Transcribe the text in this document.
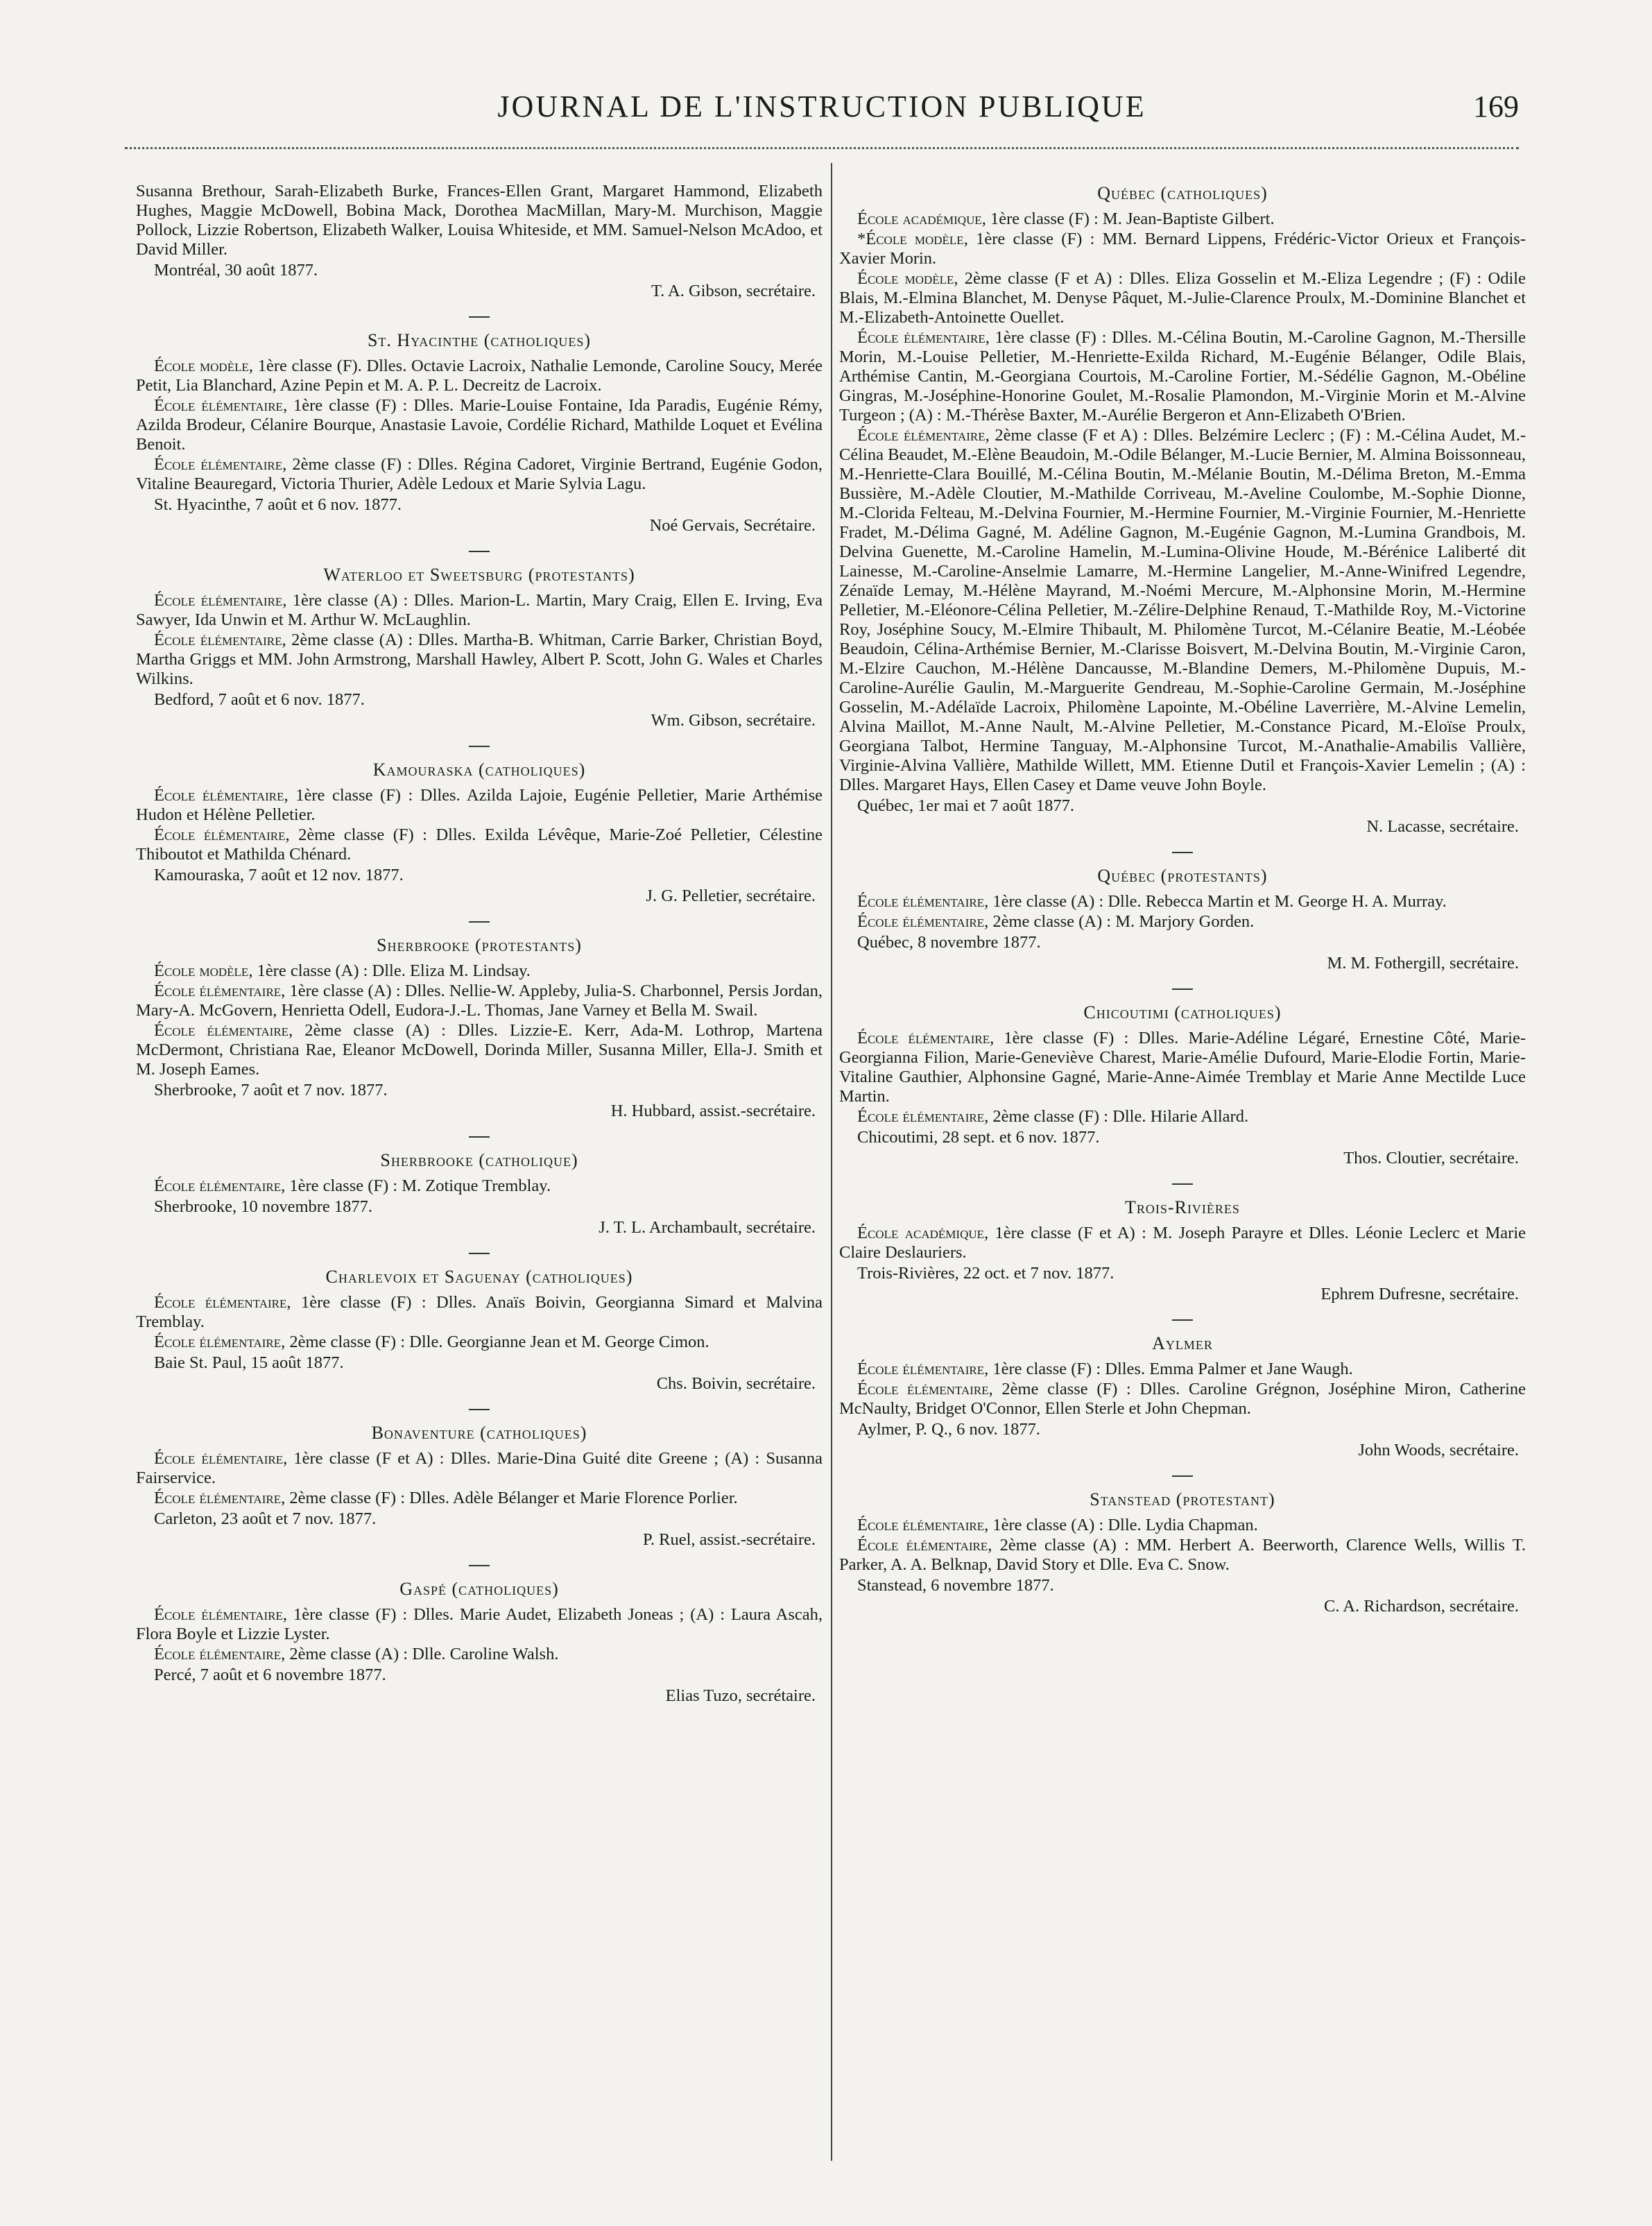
JOURNAL DE L'INSTRUCTION PUBLIQUE	169
Susanna Brethour, Sarah-Elizabeth Burke, Frances-Ellen Grant, Margaret Hammond, Elizabeth Hughes, Maggie McDowell, Bobina Mack, Dorothea MacMillan, Mary-M. Murchison, Maggie Pollock, Lizzie Robertson, Elizabeth Walker, Louisa Whiteside, et MM. Samuel-Nelson McAdoo, et David Miller.
Montréal, 30 août 1877.
T. A. Gibson, secrétaire.
St. Hyacinthe (catholiques)
École modèle, 1ère classe (F). Dlles. Octavie Lacroix, Nathalie Lemonde, Caroline Soucy, Merée Petit, Lia Blanchard, Azine Pepin et M. A. P. L. Decreitz de Lacroix.
École élémentaire, 1ère classe (F) : Dlles. Marie-Louise Fontaine, Ida Paradis, Eugénie Rémy, Azilda Brodeur, Célanire Bourque, Anastasie Lavoie, Cordélie Richard, Mathilde Loquet et Evélina Benoit.
École élémentaire, 2ème classe (F) : Dlles. Régina Cadoret, Virginie Bertrand, Eugénie Godon, Vitaline Beauregard, Victoria Thurier, Adèle Ledoux et Marie Sylvia Lagu.
St. Hyacinthe, 7 août et 6 nov. 1877.
Noé Gervais, Secrétaire.
Waterloo et Sweetsburg (protestants)
École élémentaire, 1ère classe (A) : Dlles. Marion-L. Martin, Mary Craig, Ellen E. Irving, Eva Sawyer, Ida Unwin et M. Arthur W. McLaughlin.
École élémentaire, 2ème classe (A) : Dlles. Martha-B. Whitman, Carrie Barker, Christian Boyd, Martha Griggs et MM. John Armstrong, Marshall Hawley, Albert P. Scott, John G. Wales et Charles Wilkins.
Bedford, 7 août et 6 nov. 1877.
Wm. Gibson, secrétaire.
Kamouraska (catholiques)
École élémentaire, 1ère classe (F) : Dlles. Azilda Lajoie, Eugénie Pelletier, Marie Arthémise Hudon et Hélène Pelletier.
École élémentaire, 2ème classe (F) : Dlles. Exilda Lévêque, Marie-Zoé Pelletier, Célestine Thiboutot et Mathilda Chénard.
Kamouraska, 7 août et 12 nov. 1877.
J. G. Pelletier, secrétaire.
Sherbrooke (protestants)
École modèle, 1ère classe (A) : Dlle. Eliza M. Lindsay.
École élémentaire, 1ère classe (A) : Dlles. Nellie-W. Appleby, Julia-S. Charbonnel, Persis Jordan, Mary-A. McGovern, Henrietta Odell, Eudora-J.-L. Thomas, Jane Varney et Bella M. Swail.
École élémentaire, 2ème classe (A) : Dlles. Lizzie-E. Kerr, Ada-M. Lothrop, Martena McDermont, Christiana Rae, Eleanor McDowell, Dorinda Miller, Susanna Miller, Ella-J. Smith et M. Joseph Eames.
Sherbrooke, 7 août et 7 nov. 1877.
H. Hubbard, assist.-secrétaire.
Sherbrooke (catholique)
École élémentaire, 1ère classe (F) : M. Zotique Tremblay.
Sherbrooke, 10 novembre 1877.
J. T. L. Archambault, secrétaire.
Charlevoix et Saguenay (catholiques)
École élémentaire, 1ère classe (F) : Dlles. Anaïs Boivin, Georgianna Simard et Malvina Tremblay.
École élémentaire, 2ème classe (F) : Dlle. Georgianne Jean et M. George Cimon.
Baie St. Paul, 15 août 1877.
Chs. Boivin, secrétaire.
Bonaventure (catholiques)
École élémentaire, 1ère classe (F et A) : Dlles. Marie-Dina Guité dite Greene ; (A) : Susanna Fairservice.
École élémentaire, 2ème classe (F) : Dlles. Adèle Bélanger et Marie Florence Porlier.
Carleton, 23 août et 7 nov. 1877.
P. Ruel, assist.-secrétaire.
Gaspé (catholiques)
École élémentaire, 1ère classe (F) : Dlles. Marie Audet, Elizabeth Joneas ; (A) : Laura Ascah, Flora Boyle et Lizzie Lyster.
École élémentaire, 2ème classe (A) : Dlle. Caroline Walsh.
Percé, 7 août et 6 novembre 1877.
Elias Tuzo, secrétaire.
Québec (catholiques)
École académique, 1ère classe (F) : M. Jean-Baptiste Gilbert.
*École modèle, 1ère classe (F) : MM. Bernard Lippens, Frédéric-Victor Orieux et François-Xavier Morin.
École modèle, 2ème classe (F et A) : Dlles. Eliza Gosselin et M.-Eliza Legendre ; (F) : Odile Blais, M.-Elmina Blanchet, M. Denyse Pâquet, M.-Julie-Clarence Proulx, M.-Dominine Blanchet et M.-Elizabeth-Antoinette Ouellet.
École élémentaire, 1ère classe (F) : Dlles. M.-Célina Boutin, M.-Caroline Gagnon, M.-Thersille Morin, M.-Louise Pelletier, M.-Henriette-Exilda Richard, M.-Eugénie Bélanger, Odile Blais, Arthémise Cantin, M.-Georgiana Courtois, M.-Caroline Fortier, M.-Sédélie Gagnon, M.-Obéline Gingras, M.-Joséphine-Honorine Goulet, M.-Rosalie Plamondon, M.-Virginie Morin et M.-Alvine Turgeon ; (A) : M.-Thérèse Baxter, M.-Aurélie Bergeron et Ann-Elizabeth O'Brien.
École élémentaire, 2ème classe (F et A) : Dlles. Belzémire Leclerc ; (F) : M.-Célina Audet, M.-Célina Beaudet, M.-Elène Beaudoin, M.-Odile Bélanger, M.-Lucie Bernier, M. Almina Boissonneau, M.-Henriette-Clara Bouillé, M.-Célina Boutin, M.-Mélanie Boutin, M.-Délima Breton, M.-Emma Bussière, M.-Adèle Cloutier, M.-Mathilde Corriveau, M.-Aveline Coulombe, M.-Sophie Dionne, M.-Clorida Felteau, M.-Delvina Fournier, M.-Hermine Fournier, M.-Virginie Fournier, M.-Henriette Fradet, M.-Délima Gagné, M. Adéline Gagnon, M.-Eugénie Gagnon, M.-Lumina Grandbois, M. Delvina Guenette, M.-Caroline Hamelin, M.-Lumina-Olivine Houde, M.-Bérénice Laliberté dit Lainesse, M.-Caroline-Anselmie Lamarre, M.-Hermine Langelier, M.-Anne-Winifred Legendre, Zénaïde Lemay, M.-Hélène Mayrand, M.-Noémi Mercure, M.-Alphonsine Morin, M.-Hermine Pelletier, M.-Eléonore-Célina Pelletier, M.-Zélire-Delphine Renaud, T.-Mathilde Roy, M.-Victorine Roy, Joséphine Soucy, M.-Elmire Thibault, M. Philomène Turcot, M.-Célanire Beatie, M.-Léobée Beaudoin, Célina-Arthémise Bernier, M.-Clarisse Boisvert, M.-Delvina Boutin, M.-Virginie Caron, M.-Elzire Cauchon, M.-Hélène Dancausse, M.-Blandine Demers, M.-Philomène Dupuis, M.-Caroline-Aurélie Gaulin, M.-Marguerite Gendreau, M.-Sophie-Caroline Germain, M.-Joséphine Gosselin, M.-Adélaïde Lacroix, Philomène Lapointe, M.-Obéline Laverrière, M.-Alvine Lemelin, Alvina Maillot, M.-Anne Nault, M.-Alvine Pelletier, M.-Constance Picard, M.-Eloïse Proulx, Georgiana Talbot, Hermine Tanguay, M.-Alphonsine Turcot, M.-Anathalie-Amabilis Vallière, Virginie-Alvina Vallière, Mathilde Willett, MM. Etienne Dutil et François-Xavier Lemelin ; (A) : Dlles. Margaret Hays, Ellen Casey et Dame veuve John Boyle.
Québec, 1er mai et 7 août 1877.
N. Lacasse, secrétaire.
Québec (protestants)
École élémentaire, 1ère classe (A) : Dlle. Rebecca Martin et M. George H. A. Murray.
École élémentaire, 2ème classe (A) : M. Marjory Gorden.
Québec, 8 novembre 1877.
M. M. Fothergill, secrétaire.
Chicoutimi (catholiques)
École élémentaire, 1ère classe (F) : Dlles. Marie-Adéline Légaré, Ernestine Côté, Marie-Georgianna Filion, Marie-Geneviève Charest, Marie-Amélie Dufourd, Marie-Elodie Fortin, Marie-Vitaline Gauthier, Alphonsine Gagné, Marie-Anne-Aimée Tremblay et Marie Anne Mectilde Luce Martin.
École élémentaire, 2ème classe (F) : Dlle. Hilarie Allard.
Chicoutimi, 28 sept. et 6 nov. 1877.
Thos. Cloutier, secrétaire.
Trois-Rivières
École académique, 1ère classe (F et A) : M. Joseph Parayre et Dlles. Léonie Leclerc et Marie Claire Deslauriers.
Trois-Rivières, 22 oct. et 7 nov. 1877.
Ephrem Dufresne, secrétaire.
Aylmer
École élémentaire, 1ère classe (F) : Dlles. Emma Palmer et Jane Waugh.
École élémentaire, 2ème classe (F) : Dlles. Caroline Grégnon, Joséphine Miron, Catherine McNaulty, Bridget O'Connor, Ellen Sterle et John Chepman.
Aylmer, P. Q., 6 nov. 1877.
John Woods, secrétaire.
Stanstead (protestant)
École élémentaire, 1ère classe (A) : Dlle. Lydia Chapman.
École élémentaire, 2ème classe (A) : MM. Herbert A. Beerworth, Clarence Wells, Willis T. Parker, A. A. Belknap, David Story et Dlle. Eva C. Snow.
Stanstead, 6 novembre 1877.
C. A. Richardson, secrétaire.
